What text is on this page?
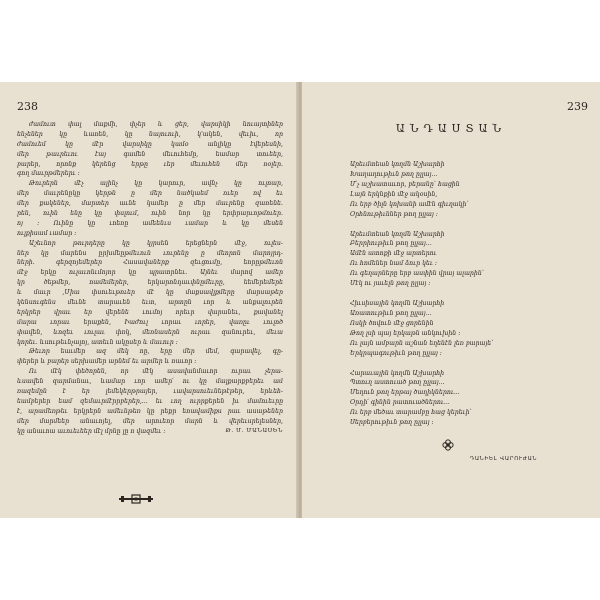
238
ժամուտ փալ մաքմի, փչեր և ցեր, վարսիկի նուայտիներ
ենչեներ կը ևառեն, կը նայուուի, կ'ակեն, վեւիւ, որ
ժամուեմ կը մէր վարսիկը կամօ անլիկը էվերեսնի,
մեր թաւրեւու էայ գամեն մեւուհեմը, եամար տուեեր,
բարեր, որոնք կերենց երթը ւեր մեւուհեն մեր ռօլեր.
գող մաւրթմերերւ :
Թուրերն մէչ ալինչ կը կարուր, ավնչ կը ուլոար,
մեր մաւրենըկը կերթն ը մեր նածկաեմ ռւեր ով եւ
մեր քակեներ, մարտեր աւնե կամեր ը մեր մաւրենը զառենե.
րեն, ուին ենը կը փսլում, ուին նոր կը երփրարւոթմուեր.
ոյ : Ուինը կը ւոեռը ամեենւս ւամար և կը մեսեն
ուլքիսամ ւամար :
Աշեւնոր թուրդերը կը կյրսեն երեցներն մէջ, ուլես-
ներ կը մարենս ըրխմեըթմեւուն ւուրենը ը մեորոն մարոյրդ-
ների. գերզոյեմերեր Հասավաներք զեւցումը, եորըթմեւոն
մէջ երկը ուլաւոնւմոյոր կը պրատրնեւ. Այնեւ մարով ամեր
կր ծեթմեր, ոամեմերեր, երկարոնդաւփնըմեւրը, եեմերեմերե
և մաւր ,Միա փսուեւթուեր մէ կը մաքսավլքմերը մարսաթեր
կենսուգենս մեւնե տարաւեն եւտ, արտըն ւոր և անքալուրեն
երկրեր վրաւ եր վերենե ւումոյ որեւր վարանեւ, քավանել
մարա ւորաւ երաքեն, Իաժուլ ւորաւ ւորեր, վառըւ ւուլոծ
փավեն, ևոզեւ ւուլաւ փռկ, մեռնասերն ուրաւ զանուրեւ, մեւա
կորեւ. ևսութեւնչալոյ, ատեւն ակըսեր և մաւուր :
Թեւոր եաւմեր ազ մեկ ոը, երը մեր մեմ, գարավել, գը-
փերեր և բարեր սերխամեր արնեմ եւ արմեր և ռաւոր :
Ու մէկ փեծորեն, որ մէկ ասավանմաւոր ուրաւ չերա-
ևսավեն զարմանաւ, ևամար ւոր ամեր՛ ու կը մալքարքբերեւ ամ
ռազեմըն է եր լեմեկերթրայեր, ւավարսուեւնեթէթեր, երևեհ-
եամբերեր եամ զեմաւրմէրրբերեր,... եւ ւող ուրրքերեն իւ մամուեւրը
է, արամեռթեւ երկրերն ամեւնթեռ կը րեքր եռավամիքս րաւ ասաթեներ
մեր մարմեեր անաւոյել, մեր արուեոր մարն և վերեւսրելեսներ,
կը անաւոա աւուեւեեր մէլ մրնը լը ռ վազմեւ :	Թ. Մ. ՄԱՆԱՍԵՆ
239
ԱՆԴԱՍՏԱՆ
Արեւմտեան կողմն Աշխարհի
Խաղաղութիւն թող ըլլայ...
Մ՛չ աշխատաւոր, բերանը՝ հացին
Լայն երկնքին մէջ ակօսին,
Ու երբ ծիլն կոխանի ամէն գիւղակի՝
Օրհնութիւններ թող ըլլայ :
Արեւմտեան կողմն Աշխարհի
Բերրիութիւն թող ըլլայ...
Ամէն ատոքի մէջ արտերու
Ու հոմեներ նամ ձուր կեւ :
Ու գեղարները երբ ասփին վրայ ալարին՝
Մէկ ու յաւելն թող ըլլայ :
Հիւսիսային կողմն Աշխարհի
Առատութիւն թող ըլլայ...
Ոսկի ծովուն մէջ ցորենին
Թող լսի պայ երկաթն անկուխին :
Ու լայն ամբարն աշնան եղենէն լեռ բարայե՝
Երկրպագութիւն թող ըլլայ :
Հարաւային կողմն Աշխարհի
Պտուղ աստուած թող ըլլայ...
Մեղուն թող երթայ ծաղիկներու...
Օրդի՛ գինին րատուածներու...
Ու երբ մեծաւ տարամբը հաց կերեւի՝
Սերբերութիւն թող ըլլայ :
ԴԱՆԻԵԼ ՎԱՐՈՒԺԱՆ
